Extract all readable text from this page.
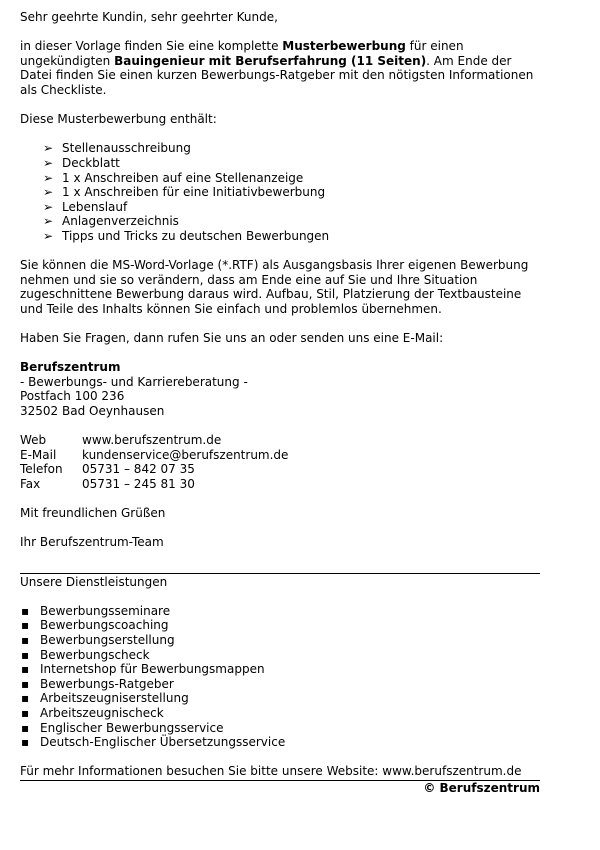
Sehr geehrte Kundin, sehr geehrter Kunde,

in dieser Vorlage finden Sie eine komplette Musterbewerbung für einen ungekündigten Bauingenieur mit Berufserfahrung (11 Seiten). Am Ende der Datei finden Sie einen kurzen Bewerbungs-Ratgeber mit den nötigsten Informationen als Checkliste.

Diese Musterbewerbung enthält:

➢ Stellenausschreibung
➢ Deckblatt
➢ 1 x Anschreiben auf eine Stellenanzeige
➢ 1 x Anschreiben für eine Initiativbewerbung
➢ Lebenslauf
➢ Anlagenverzeichnis
➢ Tipps und Tricks zu deutschen Bewerbungen

Sie können die MS-Word-Vorlage (*.RTF) als Ausgangsbasis Ihrer eigenen Bewerbung nehmen und sie so verändern, dass am Ende eine auf Sie und Ihre Situation zugeschnittene Bewerbung daraus wird. Aufbau, Stil, Platzierung der Textbausteine und Teile des Inhalts können Sie einfach und problemlos übernehmen.

Haben Sie Fragen, dann rufen Sie uns an oder senden uns eine E-Mail:

Berufszentrum

- Bewerbungs- und Karriereberatung -

Postfach 100 236

32502 Bad Oeynhausen

Web	www.berufszentrum.de
E-Mail	kundenservice@berufszentrum.de
Telefon	05731 – 842 07 35
Fax	05731 – 245 81 30

Mit freundlichen Grüßen

Ihr Berufszentrum-Team

Unsere Dienstleistungen

▪ Bewerbungsseminare
▪ Bewerbungscoaching
▪ Bewerbungserstellung
▪ Bewerbungscheck
▪ Internetshop für Bewerbungsmappen
▪ Bewerbungs-Ratgeber
▪ Arbeitszeugniserstellung
▪ Arbeitszeugnischeck
▪ Englischer Bewerbungsservice
▪ Deutsch-Englischer Übersetzungsservice

Für mehr Informationen besuchen Sie bitte unsere Website: www.berufszentrum.de

© Berufszentrum
